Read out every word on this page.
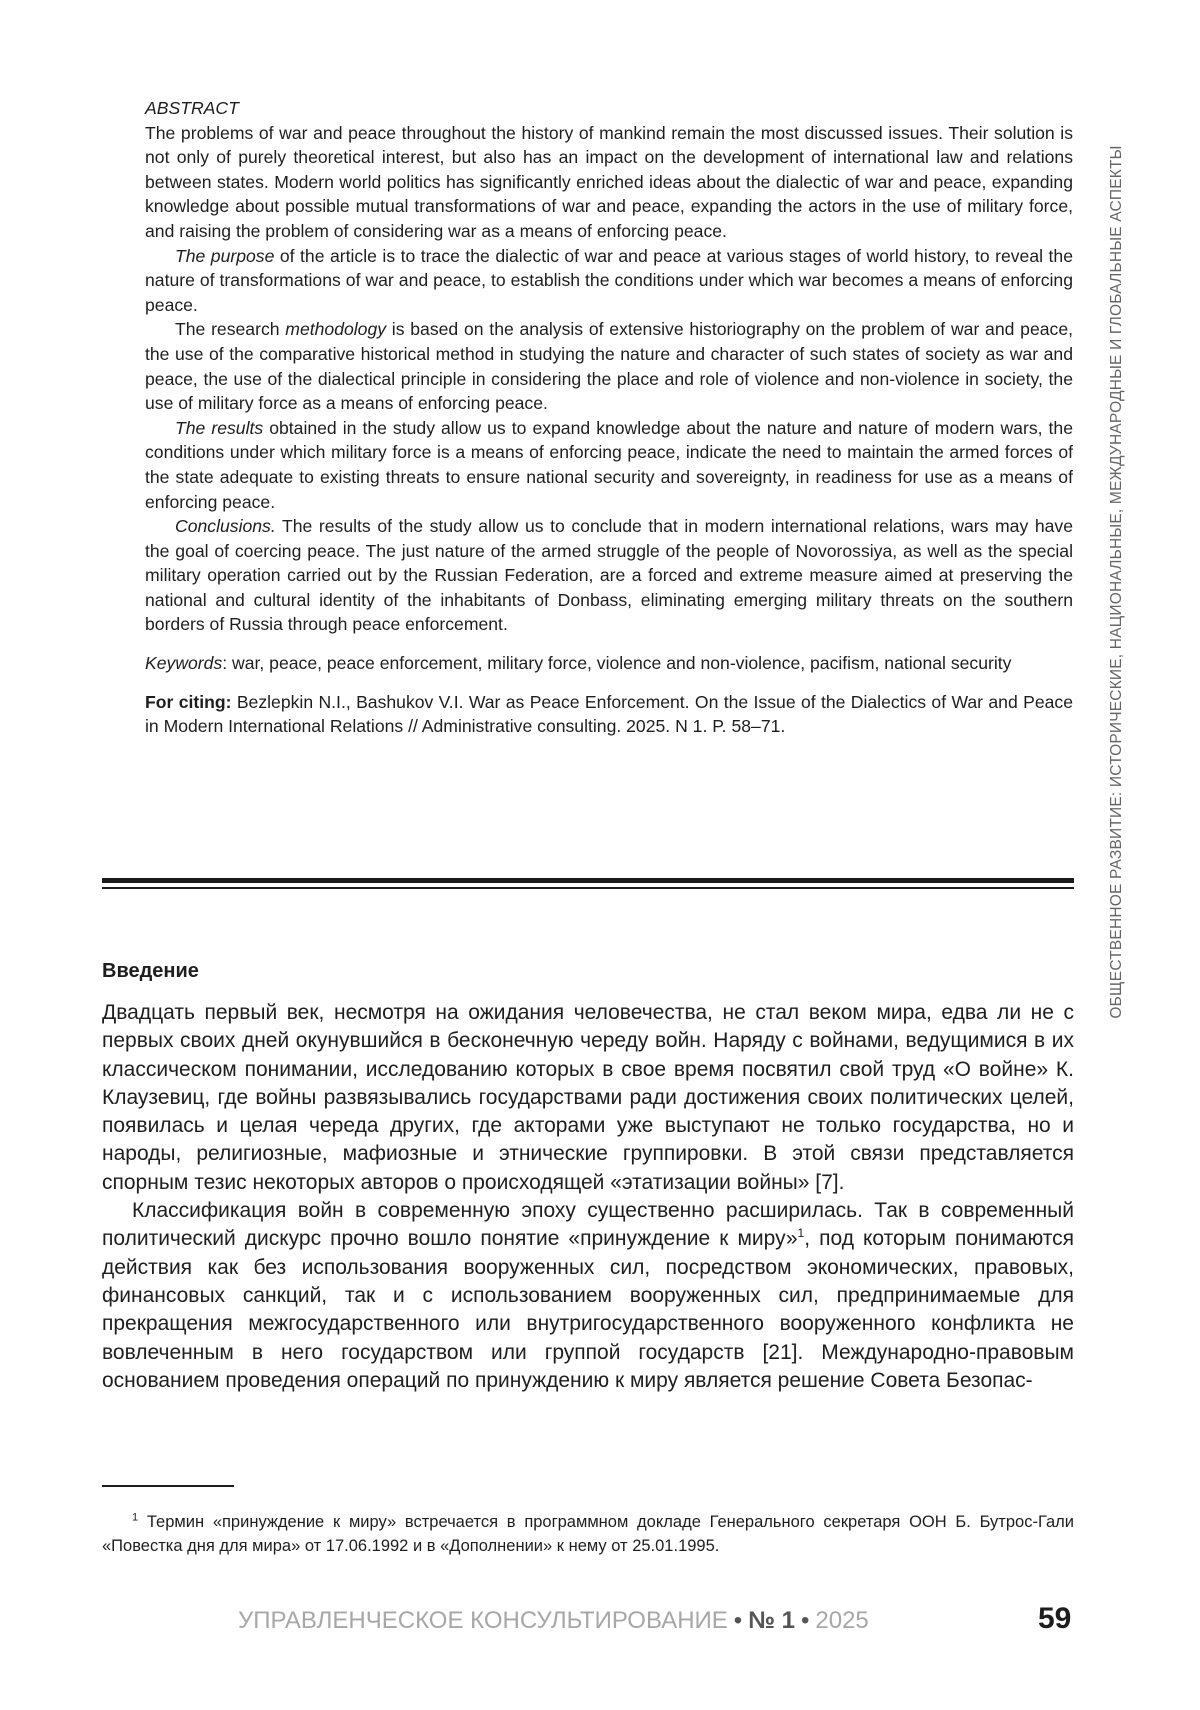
ABSTRACT

The problems of war and peace throughout the history of mankind remain the most discussed issues. Their solution is not only of purely theoretical interest, but also has an impact on the development of international law and relations between states. Modern world politics has significantly enriched ideas about the dialectic of war and peace, expanding knowledge about possible mutual transformations of war and peace, expanding the actors in the use of military force, and raising the problem of considering war as a means of enforcing peace.

The purpose of the article is to trace the dialectic of war and peace at various stages of world history, to reveal the nature of transformations of war and peace, to establish the conditions under which war becomes a means of enforcing peace.

The research methodology is based on the analysis of extensive historiography on the problem of war and peace, the use of the comparative historical method in studying the nature and character of such states of society as war and peace, the use of the dialectical principle in considering the place and role of violence and non-violence in society, the use of military force as a means of enforcing peace.

The results obtained in the study allow us to expand knowledge about the nature and nature of modern wars, the conditions under which military force is a means of enforcing peace, indicate the need to maintain the armed forces of the state adequate to existing threats to ensure national security and sovereignty, in readiness for use as a means of enforcing peace.

Conclusions. The results of the study allow us to conclude that in modern international relations, wars may have the goal of coercing peace. The just nature of the armed struggle of the people of Novorossiya, as well as the special military operation carried out by the Russian Federation, are a forced and extreme measure aimed at preserving the national and cultural identity of the inhabitants of Donbass, eliminating emerging military threats on the southern borders of Russia through peace enforcement.

Keywords: war, peace, peace enforcement, military force, violence and non-violence, pacifism, national security

For citing: Bezlepkin N.I., Bashukov V.I. War as Peace Enforcement. On the Issue of the Dialectics of War and Peace in Modern International Relations // Administrative consulting. 2025. N 1. P. 58–71.

Введение

Двадцать первый век, несмотря на ожидания человечества, не стал веком мира, едва ли не с первых своих дней окунувшийся в бесконечную череду войн. Наряду с войнами, ведущимися в их классическом понимании, исследованию которых в свое время посвятил свой труд «О войне» К. Клаузевиц, где войны развязывались государствами ради достижения своих политических целей, появилась и целая череда других, где акторами уже выступают не только государства, но и народы, религиозные, мафиозные и этнические группировки. В этой связи представляется спорным тезис некоторых авторов о происходящей «этатизации войны» [7].

Классификация войн в современную эпоху существенно расширилась. Так в современный политический дискурс прочно вошло понятие «принуждение к миру»$^1$, под которым понимаются действия как без использования вооруженных сил, посредством экономических, правовых, финансовых санкций, так и с использованием вооруженных сил, предпринимаемые для прекращения межгосударственного или внутригосударственного вооруженного конфликта не вовлеченным в него государством или группой государств [21]. Международно-правовым основанием проведения операций по принуждению к миру является решение Совета Безопас-

$^1$ Термин «принуждение к миру» встречается в программном докладе Генерального секретаря ООН Б. Бутрос-Гали «Повестка дня для мира» от 17.06.1992 и в «Дополнении» к нему от 25.01.1995.

ОБЩЕСТВЕННОЕ РАЗВИТИЕ: ИСТОРИЧЕСКИЕ, НАЦИОНАЛЬНЫЕ, МЕЖДУНАРОДНЫЕ И ГЛОБАЛЬНЫЕ АСПЕКТЫ
УПРАВЛЕНЧЕСКОЕ КОНСУЛЬТИРОВАНИЕ • № 1 • 2025	59
